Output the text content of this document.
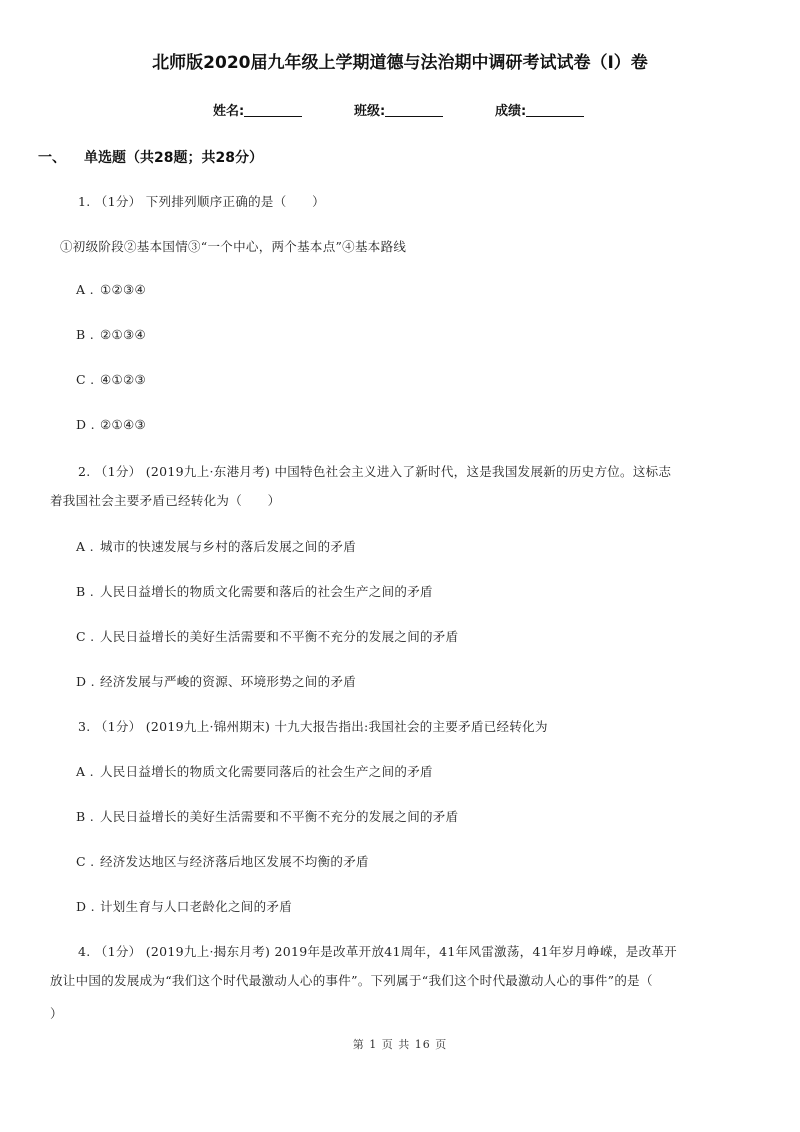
北师版2020届九年级上学期道德与法治期中调研考试试卷（I）卷
姓名:	班级:	成绩:
一、 单选题（共28题；共28分）
1. （1分） 下列排列顺序正确的是（　　）
①初级阶段②基本国情③“一个中心，两个基本点”④基本路线
A . ①②③④
B . ②①③④
C . ④①②③
D . ②①④③
2. （1分） (2019九上·东港月考) 中国特色社会主义进入了新时代，这是我国发展新的历史方位。这标志
着我国社会主要矛盾已经转化为（　　）
A . 城市的快速发展与乡村的落后发展之间的矛盾
B . 人民日益增长的物质文化需要和落后的社会生产之间的矛盾
C . 人民日益增长的美好生活需要和不平衡不充分的发展之间的矛盾
D . 经济发展与严峻的资源、环境形势之间的矛盾
3. （1分） (2019九上·锦州期末) 十九大报告指出:我国社会的主要矛盾已经转化为
A . 人民日益增长的物质文化需要同落后的社会生产之间的矛盾
B . 人民日益增长的美好生活需要和不平衡不充分的发展之间的矛盾
C . 经济发达地区与经济落后地区发展不均衡的矛盾
D . 计划生育与人口老龄化之间的矛盾
4. （1分） (2019九上·揭东月考) 2019年是改革开放41周年，41年风雷激荡，41年岁月峥嵘，是改革开
放让中国的发展成为“我们这个时代最激动人心的事件”。下列属于“我们这个时代最激动人心的事件”的是（
）
第 1 页 共 16 页
